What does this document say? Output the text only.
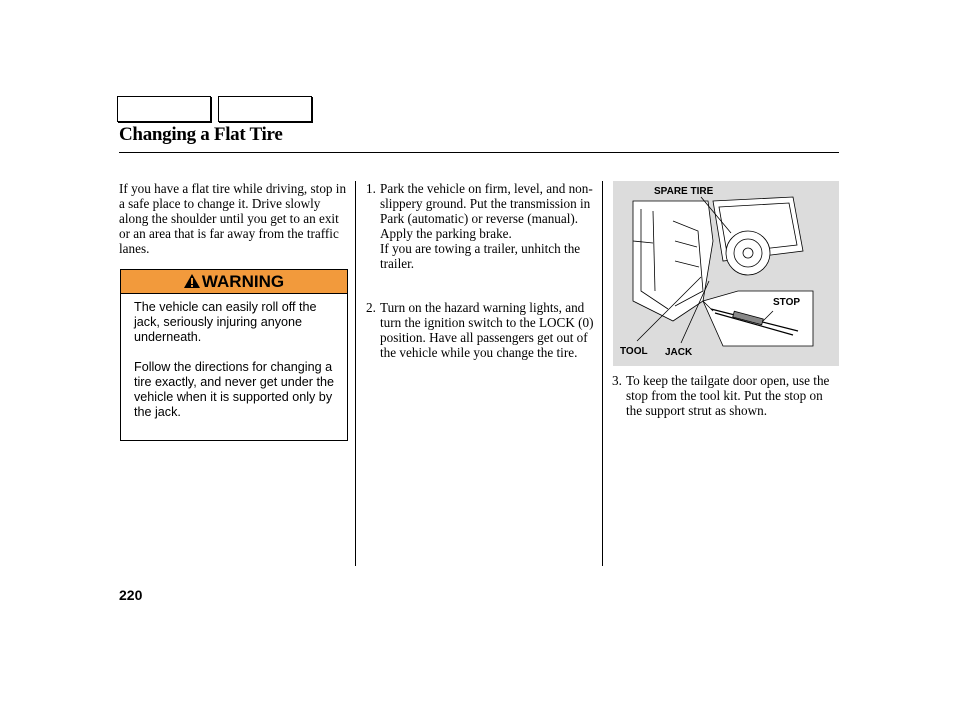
Changing a Flat Tire
If you have a flat tire while driving, stop in a safe place to change it. Drive slowly along the shoulder until you get to an exit or an area that is far away from the traffic lanes.
WARNING

The vehicle can easily roll off the jack, seriously injuring anyone underneath.

Follow the directions for changing a tire exactly, and never get under the vehicle when it is supported only by the jack.

1. Park the vehicle on firm, level, and non-slippery ground. Put the transmission in Park (automatic) or reverse (manual). Apply the parking brake.
If you are towing a trailer, unhitch the trailer.
2. Turn on the hazard warning lights, and turn the ignition switch to the LOCK (0) position. Have all passengers get out of the vehicle while you change the tire.
SPARE TIRE
STOP
TOOL JACK
3. To keep the tailgate door open, use the stop from the tool kit. Put the stop on the support strut as shown.
220
